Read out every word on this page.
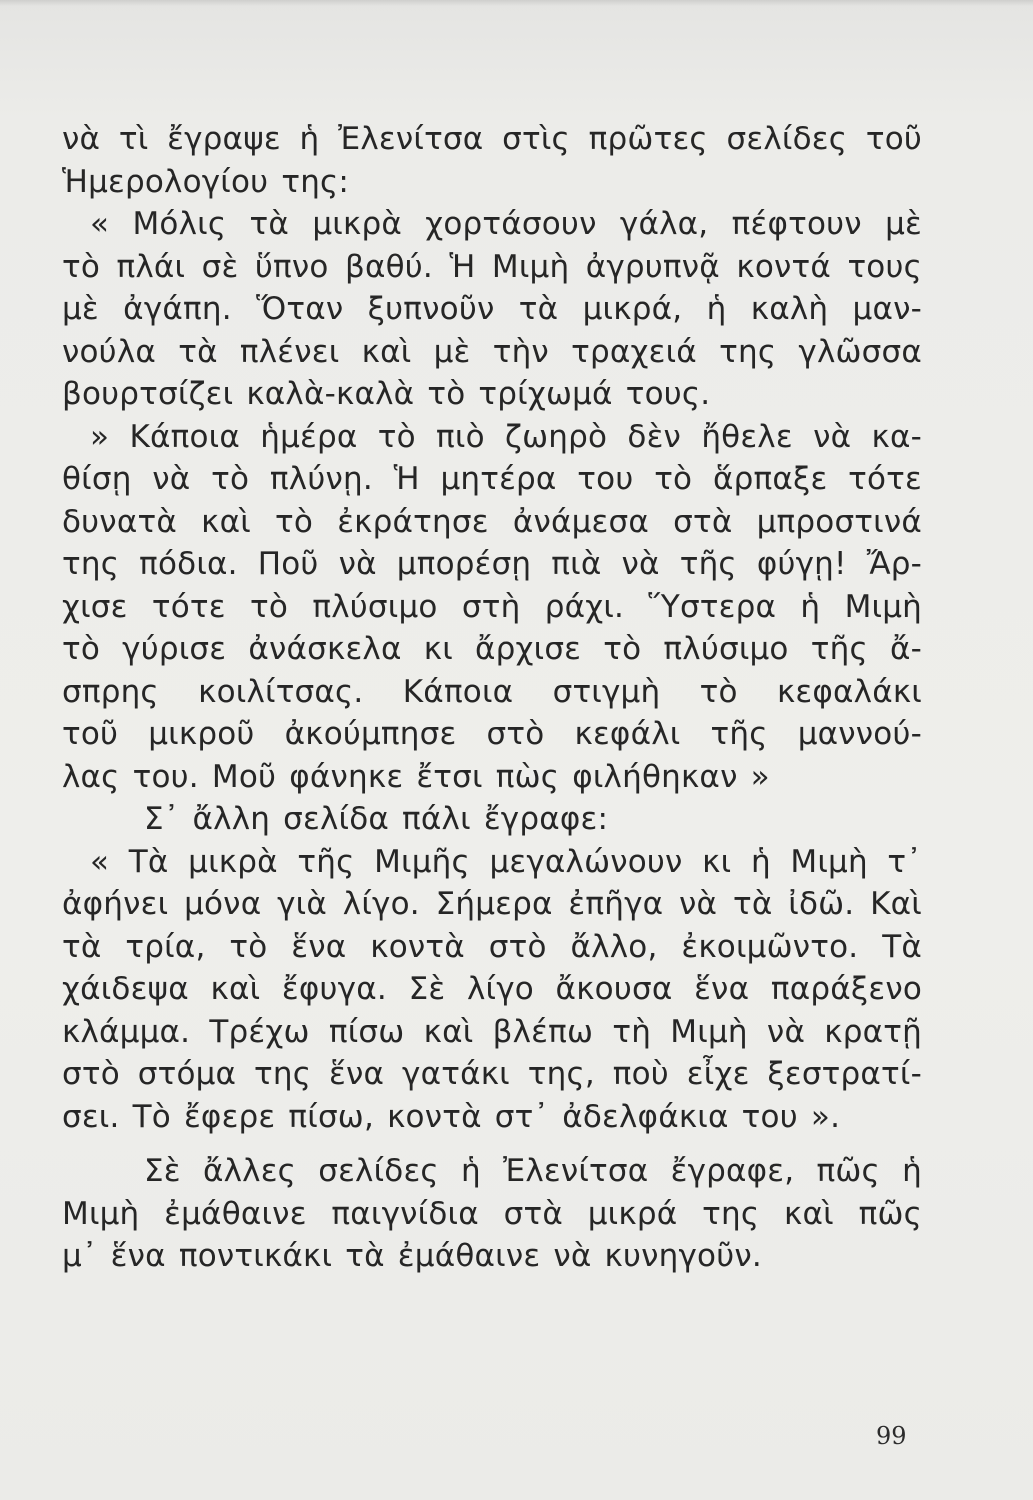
νὰ τὶ ἔγραψε ἡ Ἐλενίτσα στὶς πρῶτες σελίδες τοῦ
Ἡμερολογίου της:
« Μόλις τὰ μικρὰ χορτάσουν γάλα, πέφτουν μὲ
τὸ πλάι σὲ ὕπνο βαθύ. Ἡ Μιμὴ ἀγρυπνᾷ κοντά τους
μὲ ἀγάπη. Ὅταν ξυπνοῦν τὰ μικρά, ἡ καλὴ μαν-
νούλα τὰ πλένει καὶ μὲ τὴν τραχειά της γλῶσσα
βουρτσίζει καλὰ-καλὰ τὸ τρίχωμά τους.
» Κάποια ἡμέρα τὸ πιὸ ζωηρὸ δὲν ἤθελε νὰ κα-
θίσῃ νὰ τὸ πλύνῃ. Ἡ μητέρα του τὸ ἅρπαξε τότε
δυνατὰ καὶ τὸ ἐκράτησε ἀνάμεσα στὰ μπροστινά
της πόδια. Ποῦ νὰ μπορέσῃ πιὰ νὰ τῆς φύγῃ! Ἄρ-
χισε τότε τὸ πλύσιμο στὴ ράχι. Ὕστερα ἡ Μιμὴ
τὸ γύρισε ἀνάσκελα κι ἄρχισε τὸ πλύσιμο τῆς ἄ-
σπρης κοιλίτσας. Κάποια στιγμὴ τὸ κεφαλάκι
τοῦ μικροῦ ἀκούμπησε στὸ κεφάλι τῆς μαννού-
λας του. Μοῦ φάνηκε ἔτσι πὼς φιλήθηκαν »
Σ᾽ ἄλλη σελίδα πάλι ἔγραφε:
« Τὰ μικρὰ τῆς Μιμῆς μεγαλώνουν κι ἡ Μιμὴ τ᾽
ἀφήνει μόνα γιὰ λίγο. Σήμερα ἐπῆγα νὰ τὰ ἰδῶ. Καὶ
τὰ τρία, τὸ ἕνα κοντὰ στὸ ἄλλο, ἐκοιμῶντο. Τὰ
χάιδεψα καὶ ἔφυγα. Σὲ λίγο ἄκουσα ἕνα παράξενο
κλάμμα. Τρέχω πίσω καὶ βλέπω τὴ Μιμὴ νὰ κρατῇ
στὸ στόμα της ἕνα γατάκι της, ποὺ εἶχε ξεστρατί-
σει. Τὸ ἔφερε πίσω, κοντὰ στ᾽ ἀδελφάκια του ».
Σὲ ἄλλες σελίδες ἡ Ἐλενίτσα ἔγραφε, πῶς ἡ
Μιμὴ ἐμάθαινε παιγνίδια στὰ μικρά της καὶ πῶς
μ᾽ ἕνα ποντικάκι τὰ ἐμάθαινε νὰ κυνηγοῦν.
99
